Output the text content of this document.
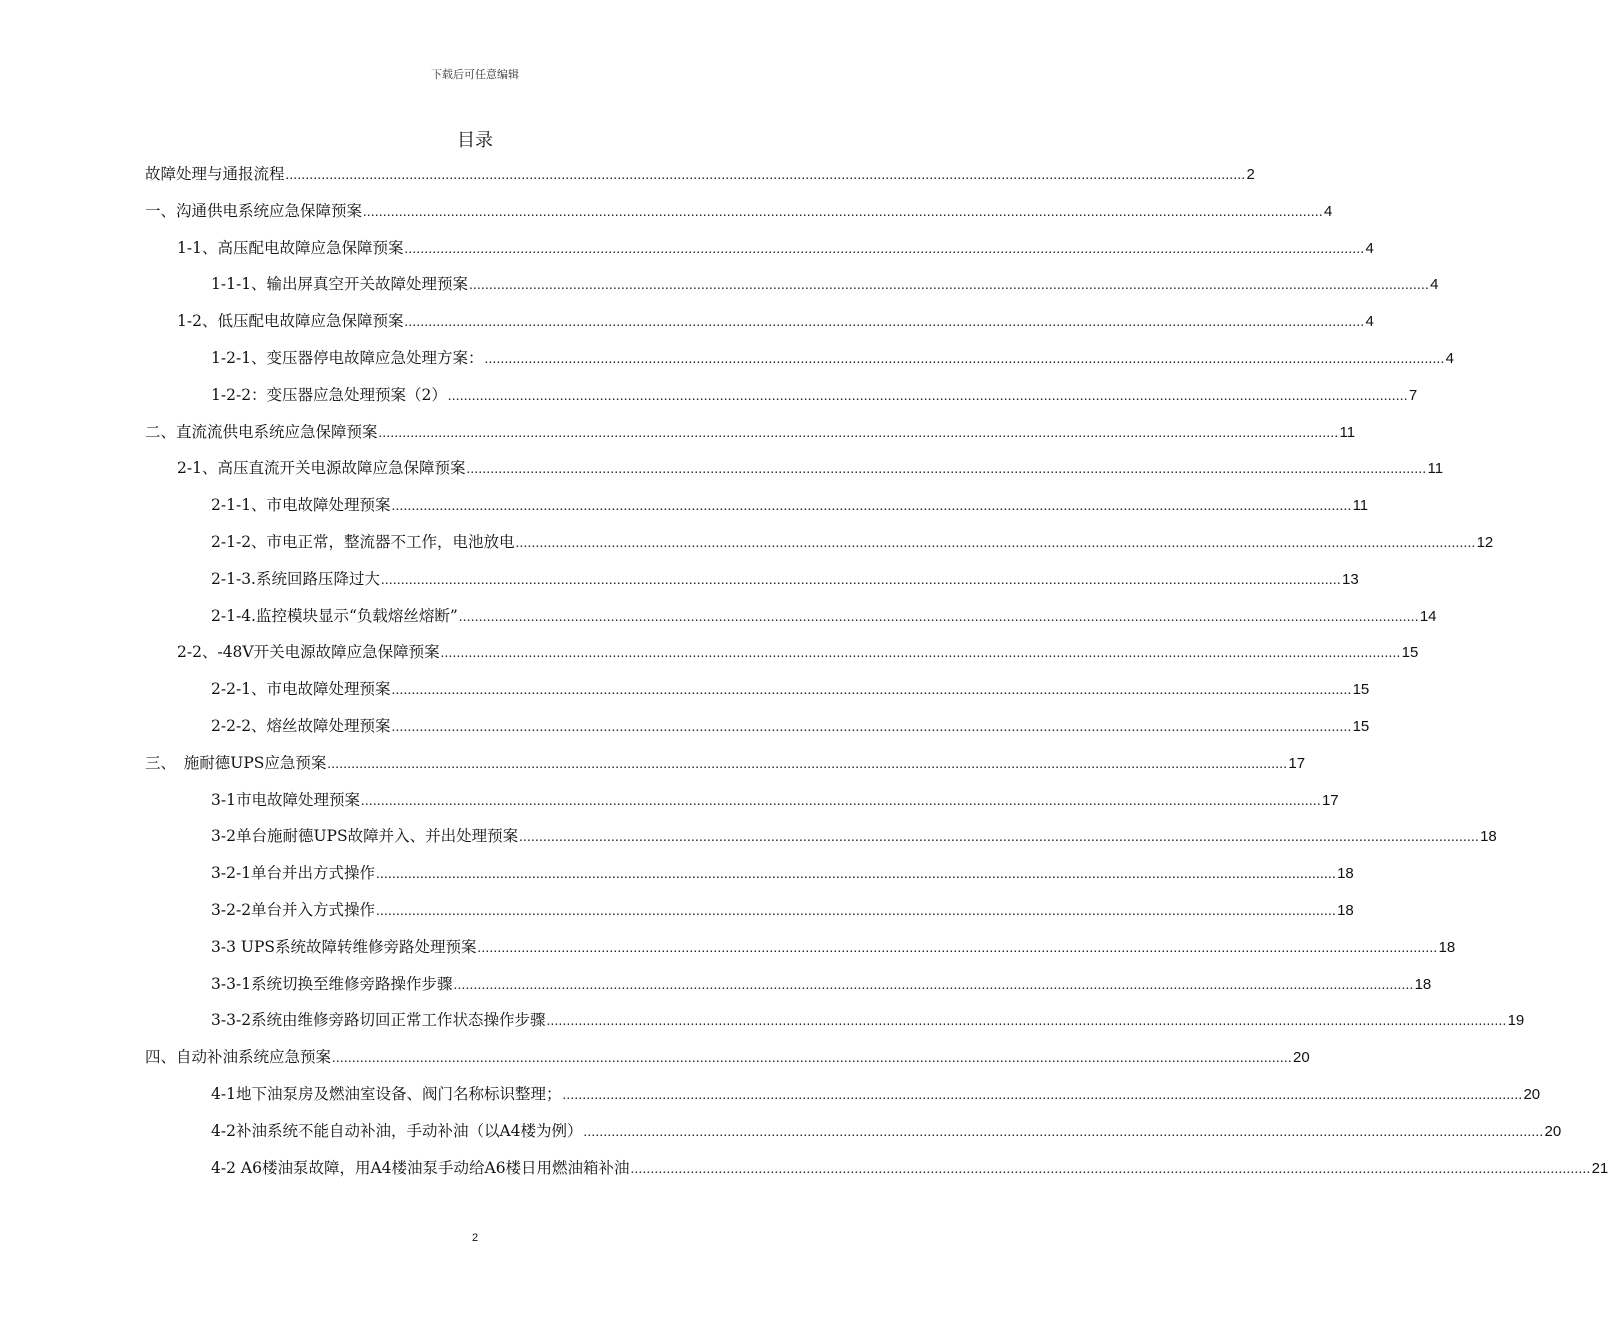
下载后可任意编辑
目录
故障处理与通报流程 .....	2
一、沟通供电系统应急保障预案 .....	4
1-1、高压配电故障应急保障预案 .....	4
1-1-1、输出屏真空开关故障处理预案 .....	4
1-2、低压配电故障应急保障预案 .....	4
1-2-1、变压器停电故障应急处理方案： .....	4
1-2-2：变压器应急处理预案（2） .....	7
二、直流流供电系统应急保障预案 .....	11
2-1、高压直流开关电源故障应急保障预案 .....	11
2-1-1、市电故障处理预案 .....	11
2-1-2、市电正常，整流器不工作，电池放电 .....	12
2-1-3.系统回路压降过大 .....	13
2-1-4.监控模块显示“负载熔丝熔断” .....	14
2-2、-48V开关电源故障应急保障预案 .....	15
2-2-1、市电故障处理预案 .....	15
2-2-2、熔丝故障处理预案 .....	15
三、　施耐德UPS应急预案 .....	17
3-1市电故障处理预案 .....	17
3-2单台施耐德UPS故障并入、并出处理预案 .....	18
3-2-1单台并出方式操作 .....	18
3-2-2单台并入方式操作 .....	18
3-3 UPS系统故障转维修旁路处理预案 .....	18
3-3-1系统切换至维修旁路操作步骤 .....	18
3-3-2系统由维修旁路切回正常工作状态操作步骤 .....	19
四、自动补油系统应急预案 .....	20
4-1地下油泵房及燃油室设备、阀门名称标识整理； .....	20
4-2补油系统不能自动补油，手动补油（以A4楼为例） .....	20
4-2 A6楼油泵故障，用A4楼油泵手动给A6楼日用燃油箱补油 .....	21
2
